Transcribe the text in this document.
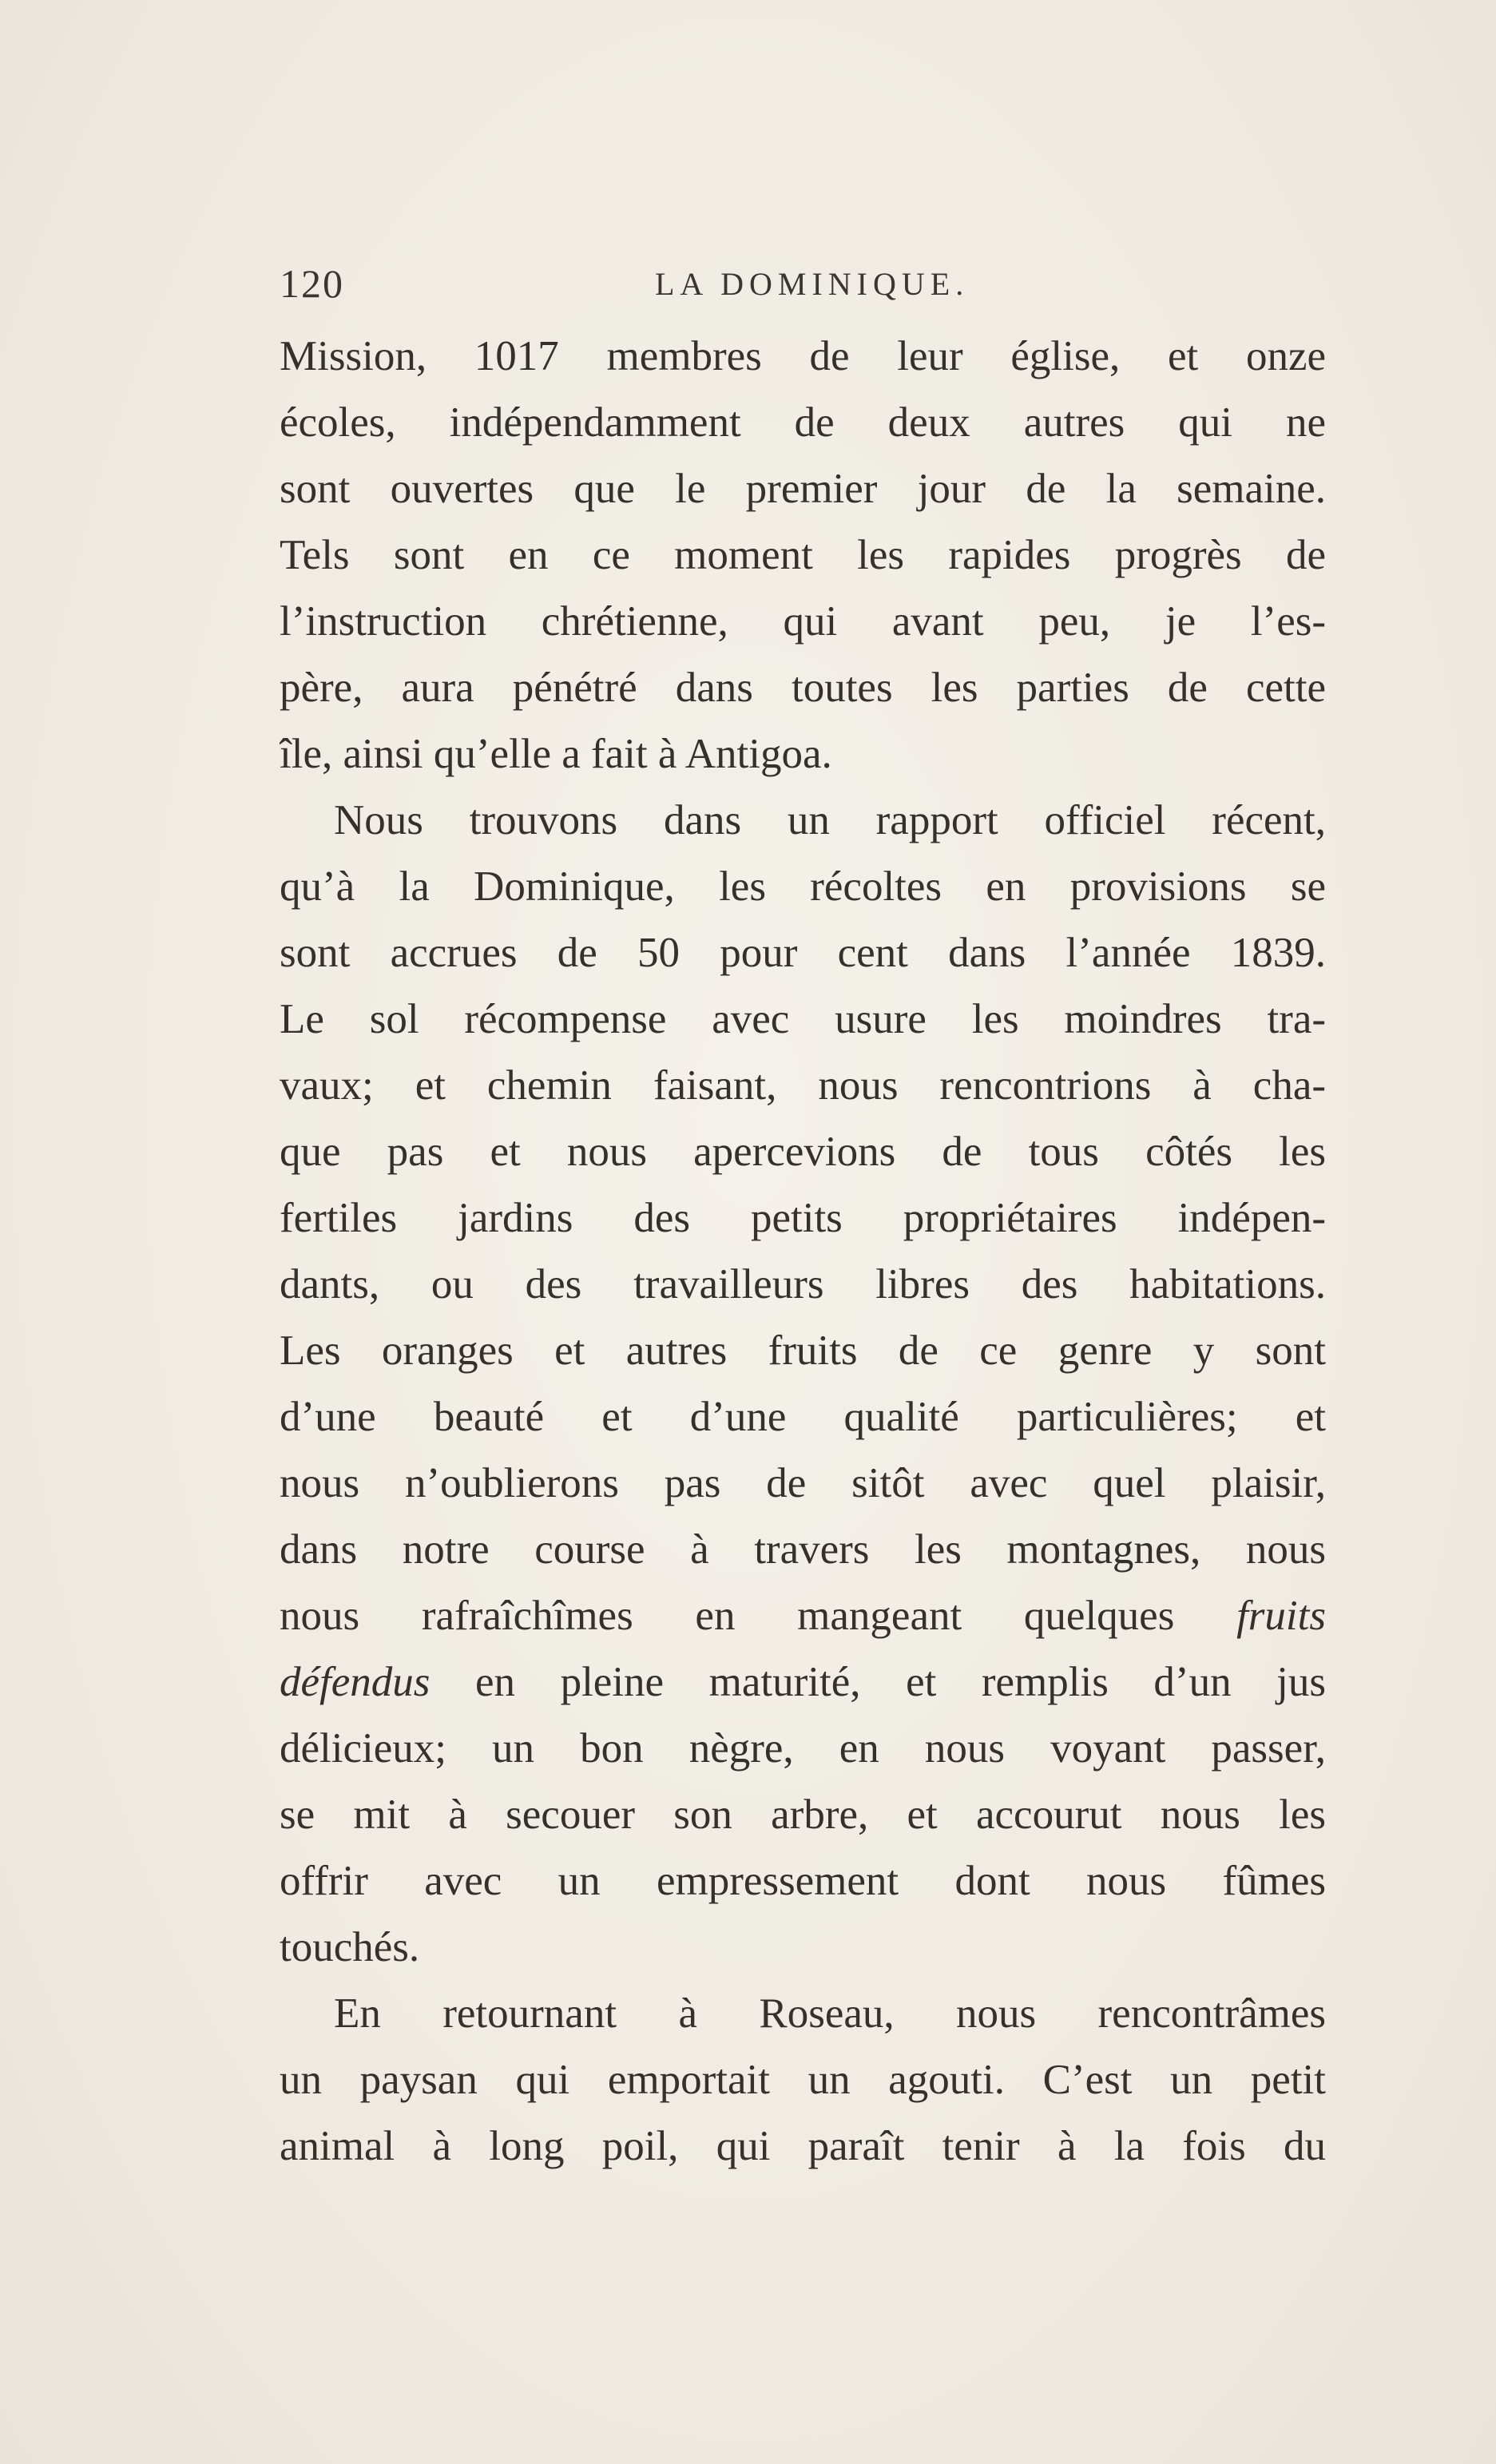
120	LA DOMINIQUE.
Mission, 1017 membres de leur église, et onze
écoles, indépendamment de deux autres qui ne
sont ouvertes que le premier jour de la semaine.
Tels sont en ce moment les rapides progrès de
l’instruction chrétienne, qui avant peu, je l’es-
père, aura pénétré dans toutes les parties de cette
île, ainsi qu’elle a fait à Antigoa.
Nous trouvons dans un rapport officiel récent,
qu’à la Dominique, les récoltes en provisions se
sont accrues de 50 pour cent dans l’année 1839.
Le sol récompense avec usure les moindres tra-
vaux; et chemin faisant, nous rencontrions à cha-
que pas et nous apercevions de tous côtés les
fertiles jardins des petits propriétaires indépen-
dants, ou des travailleurs libres des habitations.
Les oranges et autres fruits de ce genre y sont
d’une beauté et d’une qualité particulières; et
nous n’oublierons pas de sitôt avec quel plaisir,
dans notre course à travers les montagnes, nous
nous rafraîchîmes en mangeant quelques fruits
défendus en pleine maturité, et remplis d’un jus
délicieux; un bon nègre, en nous voyant passer,
se mit à secouer son arbre, et accourut nous les
offrir avec un empressement dont nous fûmes
touchés.
En retournant à Roseau, nous rencontrâmes
un paysan qui emportait un agouti. C’est un petit
animal à long poil, qui paraît tenir à la fois du
